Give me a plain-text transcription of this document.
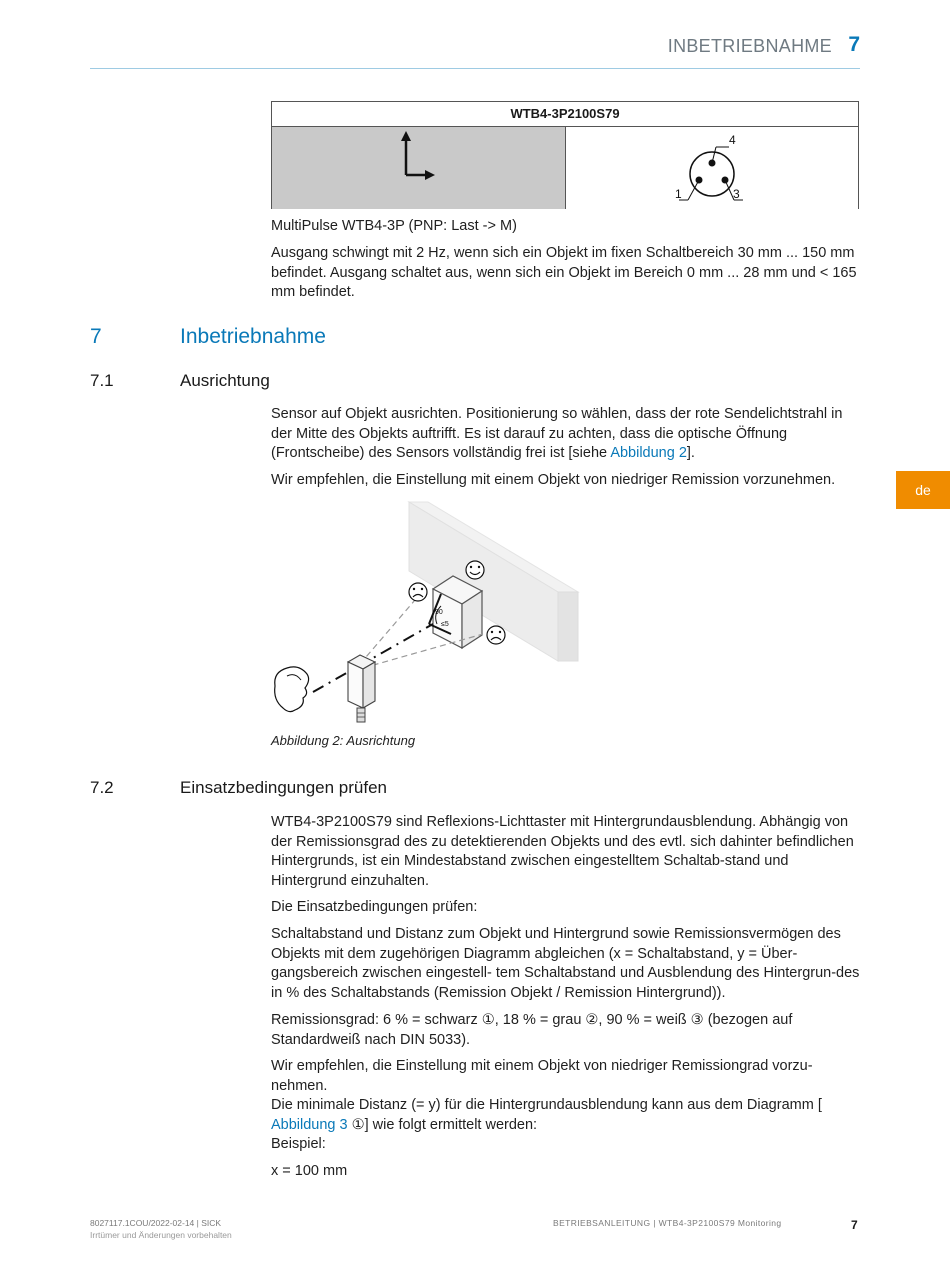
INBETRIEBNAHME 7
WTB4-3P2100S79
4
1	3
MultiPulse WTB4-3P (PNP: Last -> M)
Ausgang schwingt mit 2 Hz, wenn sich ein Objekt im fixen Schaltbereich 30 mm ... 150 mm befindet. Ausgang schaltet aus, wenn sich ein Objekt im Bereich 0 mm ... 28 mm und < 165 mm befindet.
7	Inbetriebnahme
7.1	Ausrichtung
Sensor auf Objekt ausrichten. Positionierung so wählen, dass der rote Sendelichtstrahl in der Mitte des Objekts auftrifft. Es ist darauf zu achten, dass die optische Öffnung (Frontscheibe) des Sensors vollständig frei ist [siehe Abbildung 2].
Wir empfehlen, die Einstellung mit einem Objekt von niedriger Remission vorzunehmen.
90
≤5
Abbildung 2: Ausrichtung
7.2	Einsatzbedingungen prüfen
WTB4-3P2100S79 sind Reflexions-Lichttaster mit Hintergrundausblendung. Abhängig von der Remissionsgrad des zu detektierenden Objekts und des evtl. sich dahinter befindlichen Hintergrunds, ist ein Mindestabstand zwischen eingestelltem Schaltab-stand und Hintergrund einzuhalten.
Die Einsatzbedingungen prüfen:
Schaltabstand und Distanz zum Objekt und Hintergrund sowie Remissionsvermögen des Objekts mit dem zugehörigen Diagramm abgleichen (x = Schaltabstand, y = Über-gangsbereich zwischen eingestell- tem Schaltabstand und Ausblendung des Hintergrun-des in % des Schaltabstands (Remission Objekt / Remission Hintergrund)).
Remissionsgrad: 6 % = schwarz ①, 18 % = grau ②, 90 % = weiß ③ (bezogen auf Standardweiß nach DIN 5033).
Wir empfehlen, die Einstellung mit einem Objekt von niedriger Remissiongrad vorzu-nehmen.
Die minimale Distanz (= y) für die Hintergrundausblendung kann aus dem Diagramm [ Abbildung 3 ①] wie folgt ermittelt werden:
Beispiel:
x = 100 mm
de
8027117.1COU/2022-02-14 | SICK
Irrtümer und Änderungen vorbehalten
BETRIEBSANLEITUNG | WTB4-3P2100S79 Monitoring	7
